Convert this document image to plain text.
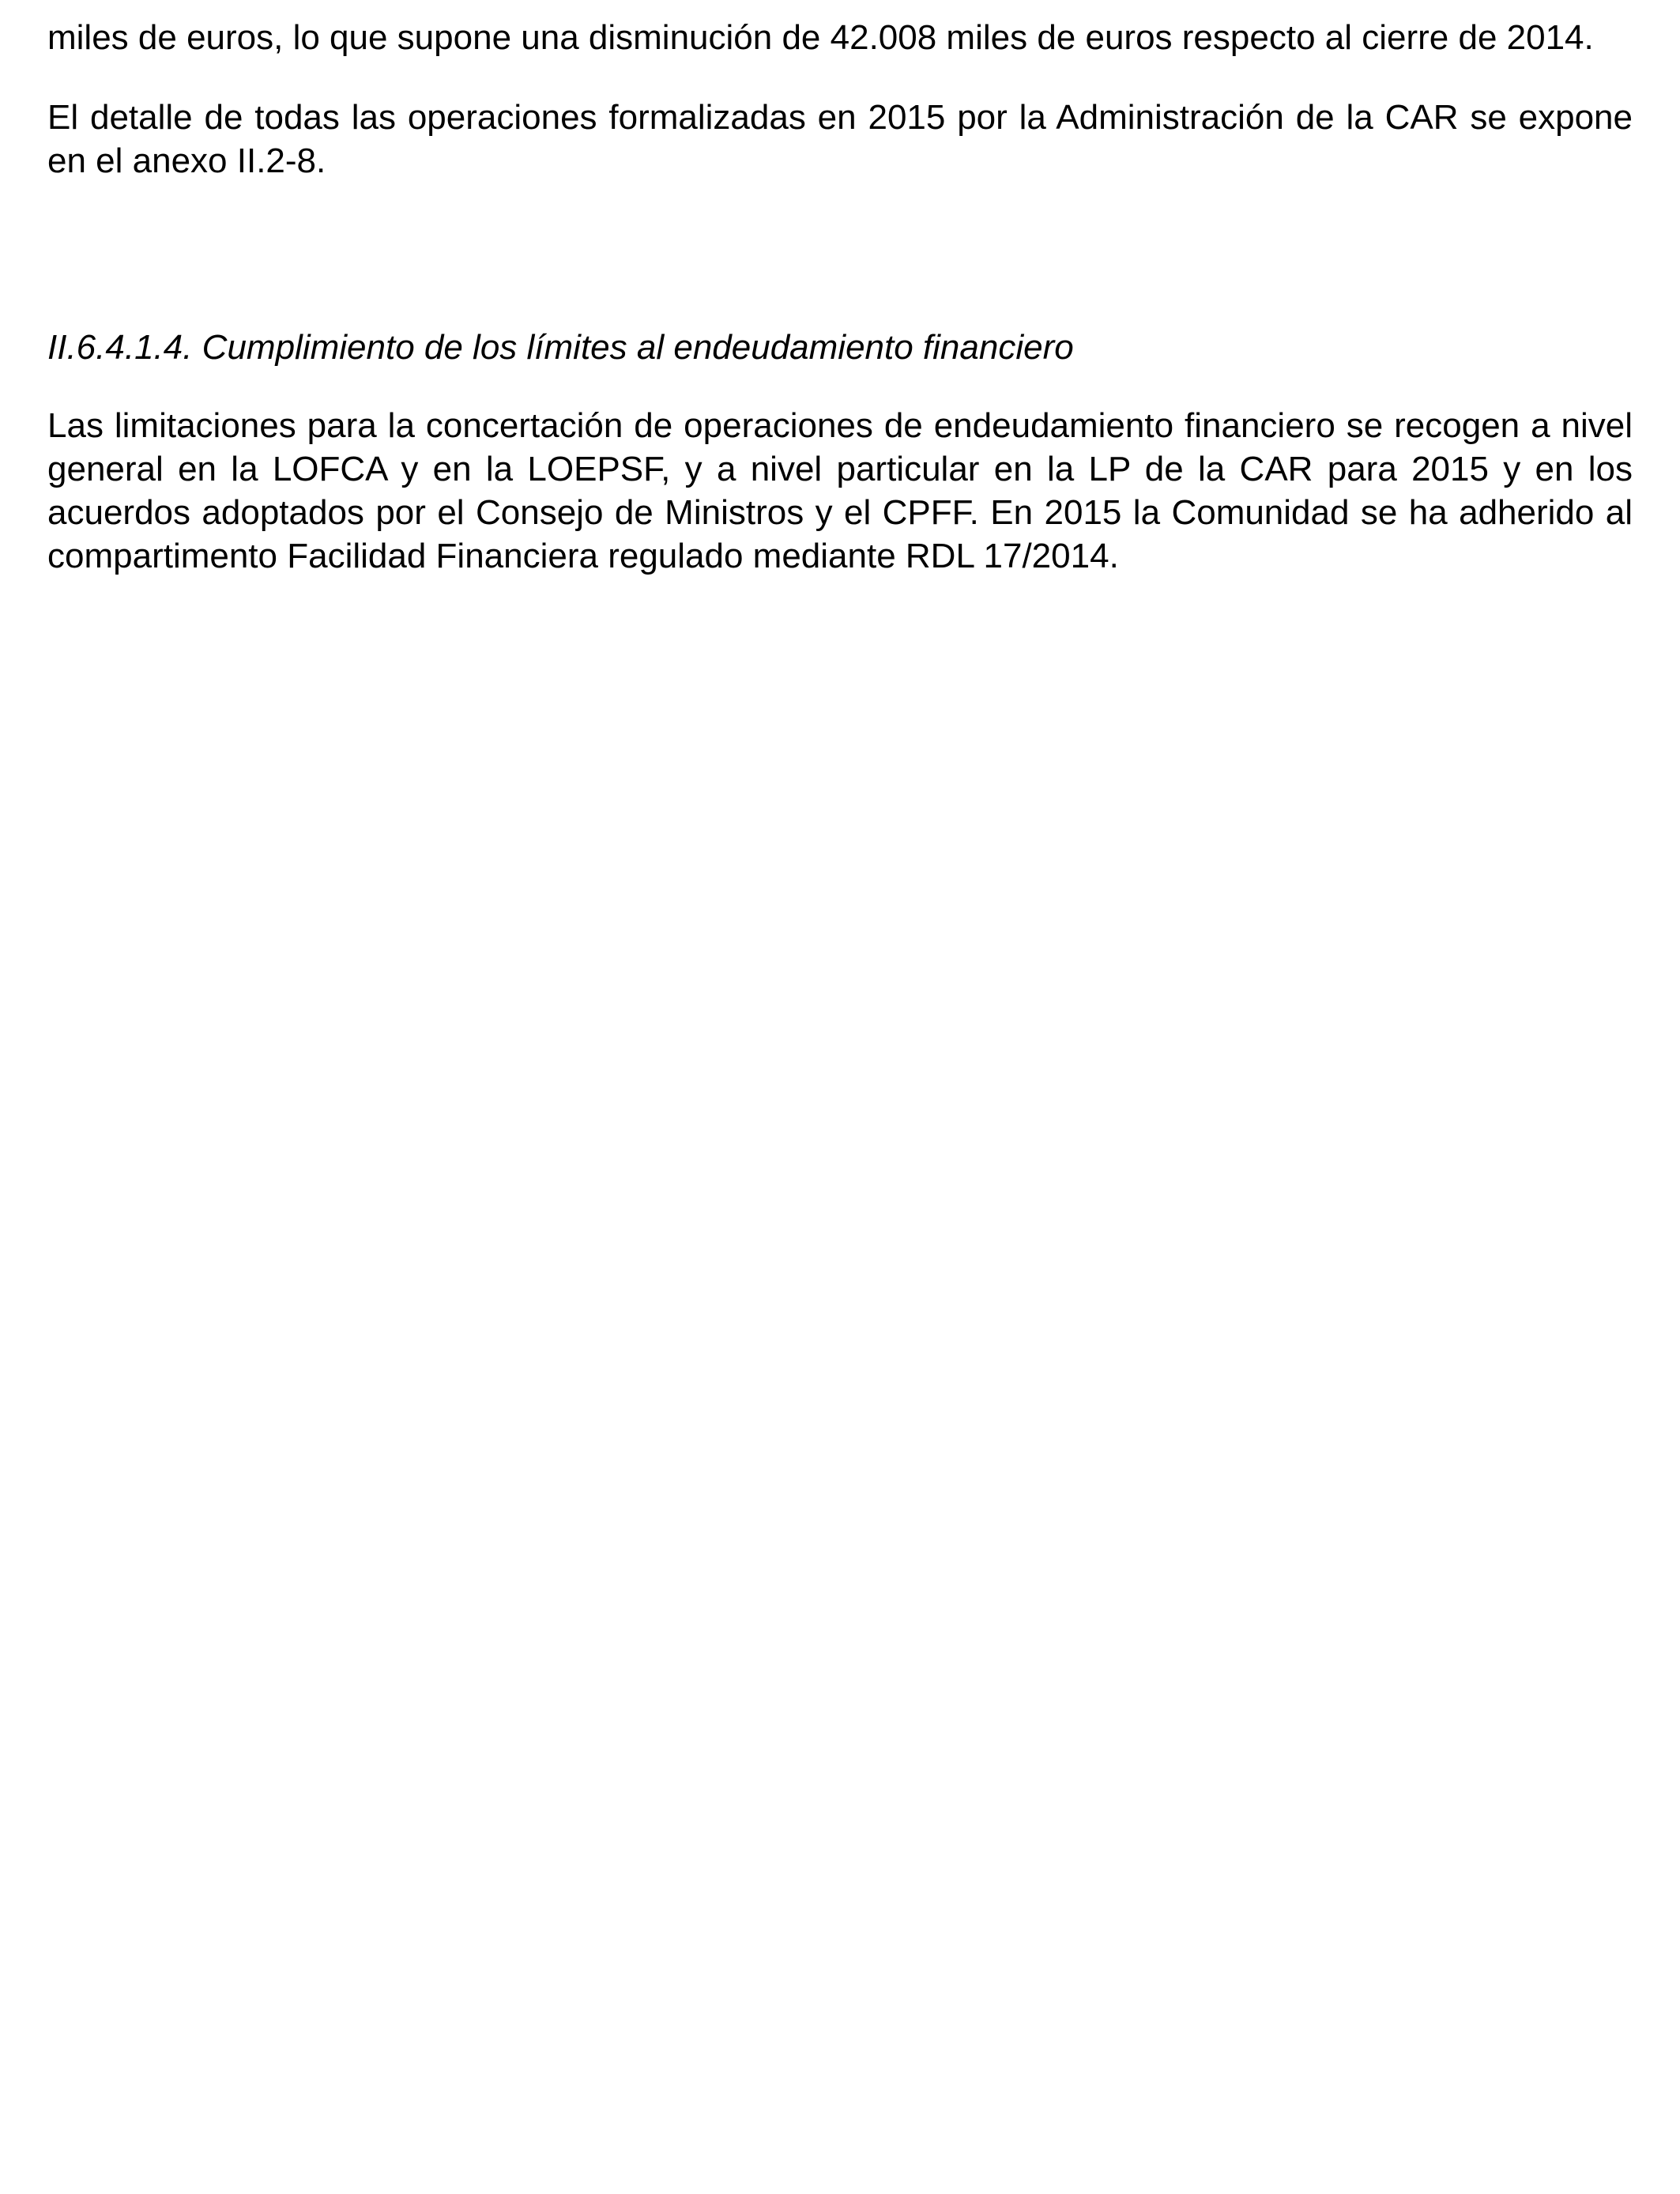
miles de euros, lo que supone una disminución de 42.008 miles de euros respecto al cierre de 2014.

El detalle de todas las operaciones formalizadas en 2015 por la Administración de la CAR se expone en el anexo II.2-8.

II.6.4.1.4. Cumplimiento de los límites al endeudamiento financiero

Las limitaciones para la concertación de operaciones de endeudamiento financiero se recogen a nivel general en la LOFCA y en la LOEPSF, y a nivel particular en la LP de la CAR para 2015 y en los acuerdos adoptados por el Consejo de Ministros y el CPFF. En 2015 la Comunidad se ha adherido al compartimento Facilidad Financiera regulado mediante RDL 17/2014.
